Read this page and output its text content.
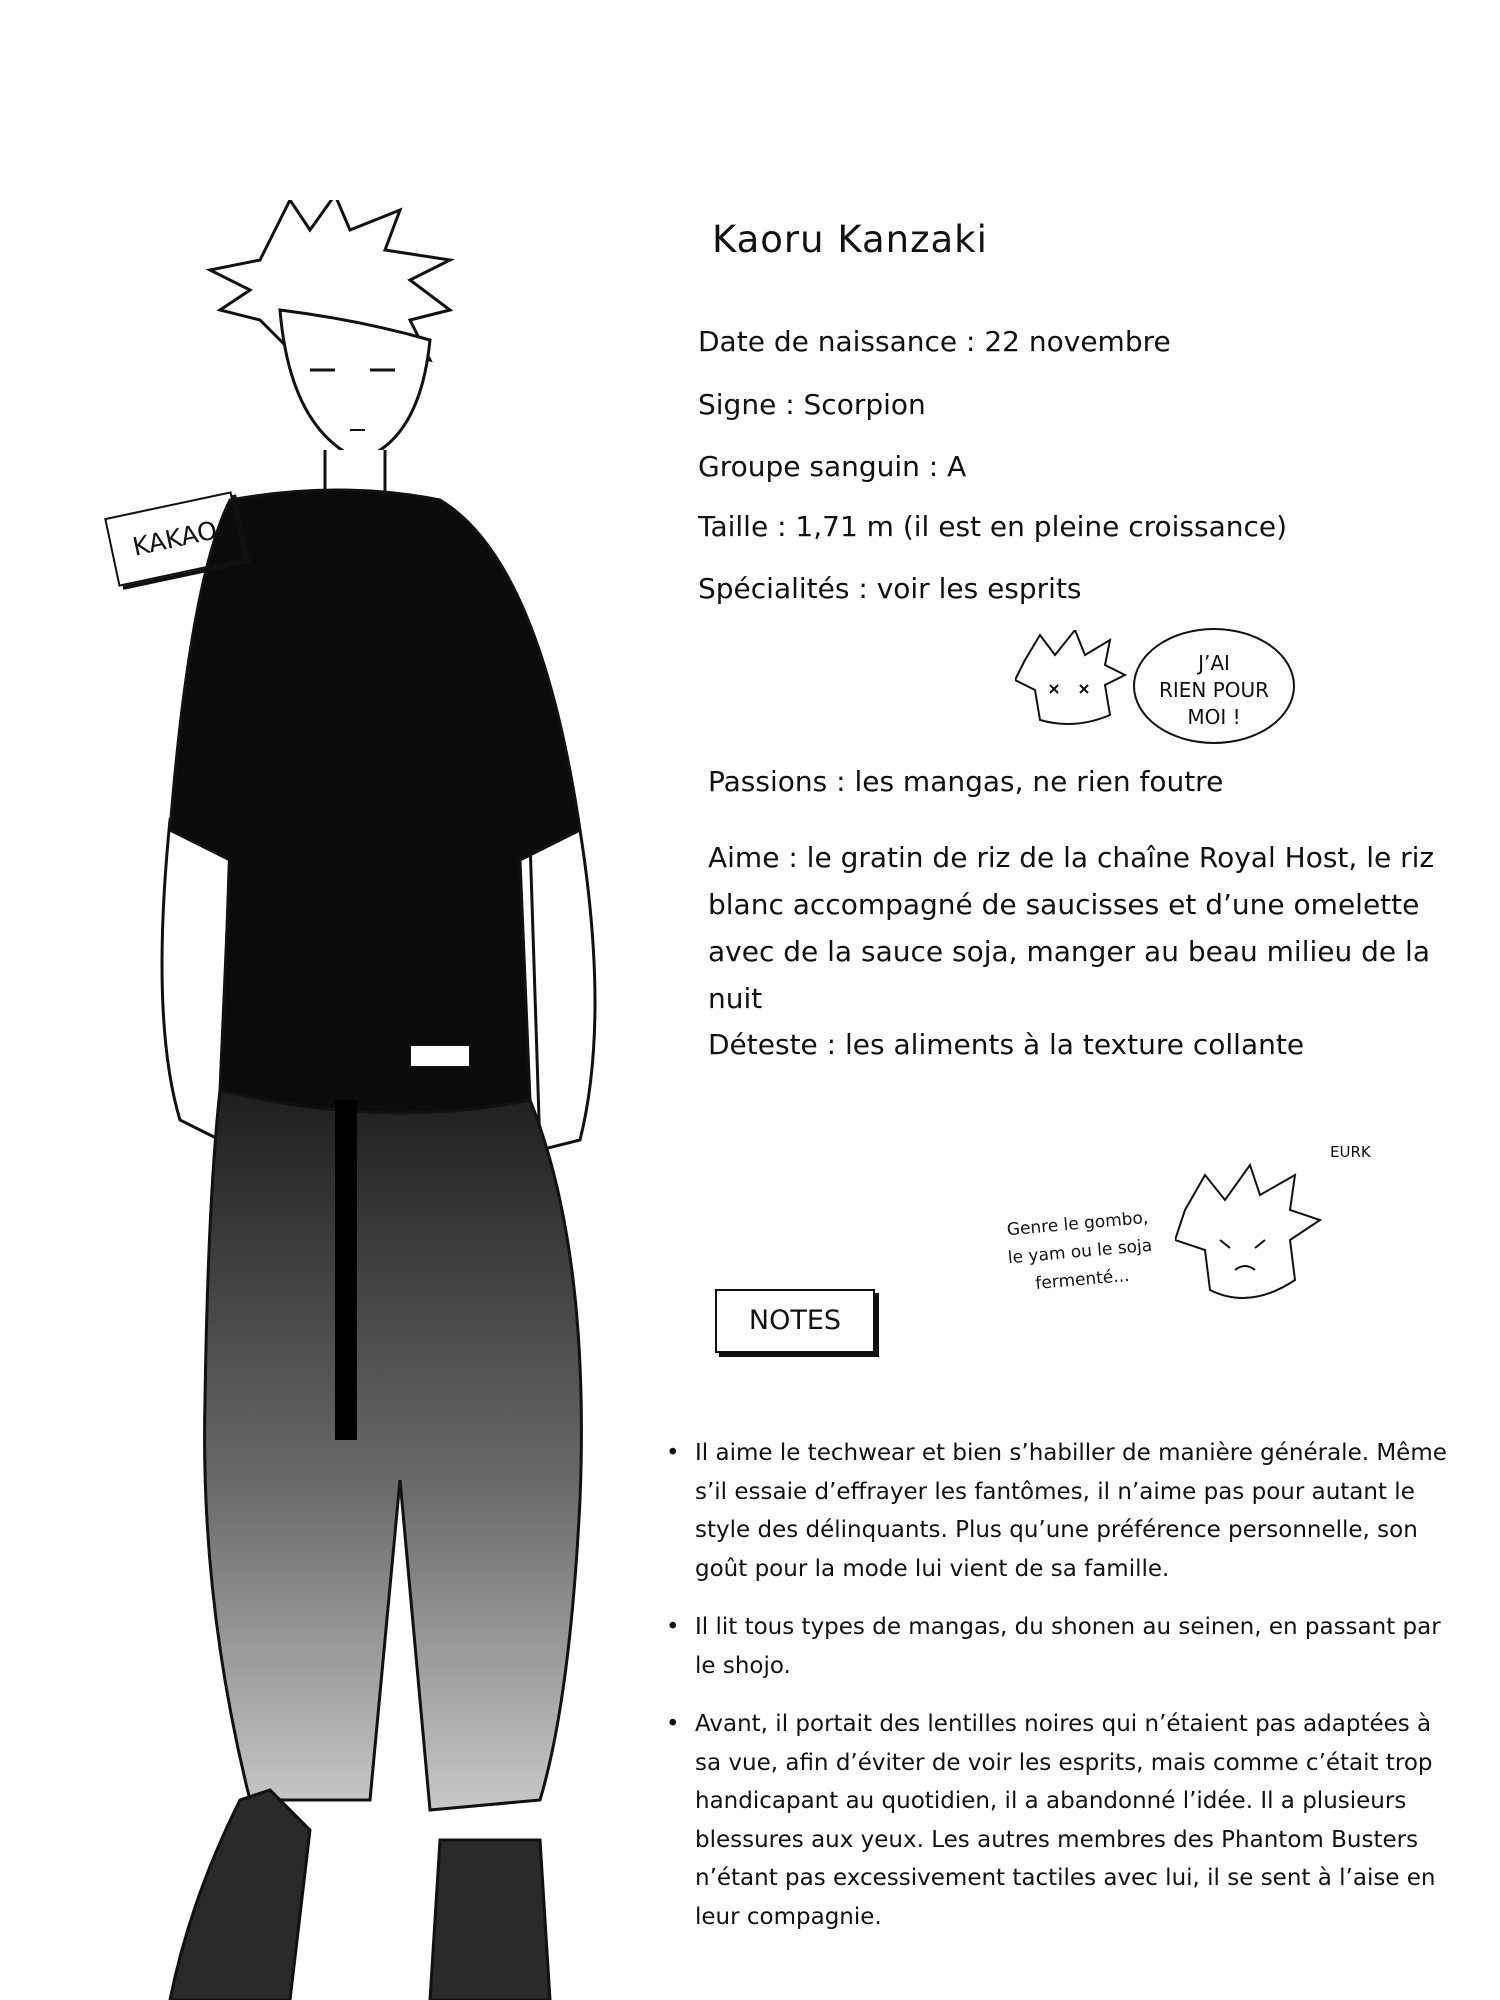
KAKAO
Kaoru Kanzaki
Date de naissance : 22 novembre
Signe : Scorpion
Groupe sanguin : A
Taille : 1,71 m (il est en pleine croissance)
Spécialités : voir les esprits
J’AI
RIEN POUR
MOI !
Passions : les mangas, ne rien foutre
Aime : le gratin de riz de la chaîne Royal Host, le riz blanc accompagné de saucisses et d’une omelette avec de la sauce soja, manger au beau milieu de la nuit
Déteste : les aliments à la texture collante
Genre le gombo,
le yam ou le soja
fermenté...
EURK
NOTES
• Il aime le techwear et bien s’habiller de manière générale. Même s’il essaie d’effrayer les fantômes, il n’aime pas pour autant le style des délinquants. Plus qu’une préférence personnelle, son goût pour la mode lui vient de sa famille.
• Il lit tous types de mangas, du shonen au seinen, en passant par le shojo.
• Avant, il portait des lentilles noires qui n’étaient pas adaptées à sa vue, afin d’éviter de voir les esprits, mais comme c’était trop handicapant au quotidien, il a abandonné l’idée. Il a plusieurs blessures aux yeux. Les autres membres des Phantom Busters n’étant pas excessivement tactiles avec lui, il se sent à l’aise en leur compagnie.
